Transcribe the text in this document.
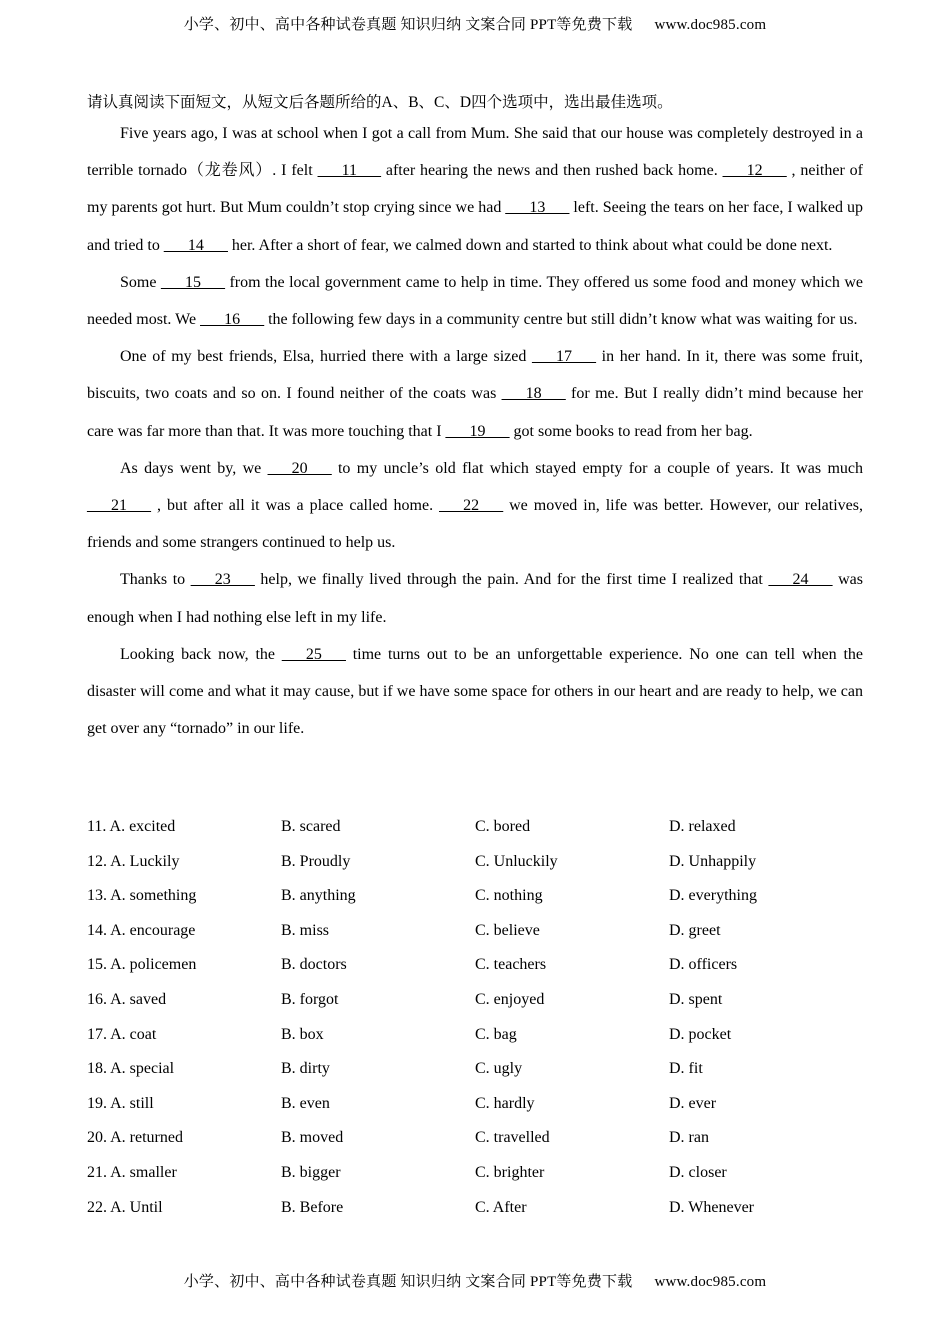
小学、初中、高中各种试卷真题 知识归纳 文案合同 PPT等免费下载 www.doc985.com
请认真阅读下面短文，从短文后各题所给的A、B、C、D四个选项中，选出最佳选项。

Five years ago, I was at school when I got a call from Mum. She said that our house was completely destroyed in a terrible tornado（龙卷风）. I felt ___11___ after hearing the news and then rushed back home. ___12___ , neither of my parents got hurt. But Mum couldn’t stop crying since we had ___13___ left. Seeing the tears on her face, I walked up and tried to ___14___ her. After a short of fear, we calmed down and started to think about what could be done next.

Some ___15___ from the local government came to help in time. They offered us some food and money which we needed most. We ___16___ the following few days in a community centre but still didn’t know what was waiting for us.

One of my best friends, Elsa, hurried there with a large sized ___17___ in her hand. In it, there was some fruit, biscuits, two coats and so on. I found neither of the coats was ___18___ for me. But I really didn’t mind because her care was far more than that. It was more touching that I ___19___ got some books to read from her bag.

As days went by, we ___20___ to my uncle’s old flat which stayed empty for a couple of years. It was much ___21___ , but after all it was a place called home. ___22___ we moved in, life was better. However, our relatives, friends and some strangers continued to help us.

Thanks to ___23___ help, we finally lived through the pain. And for the first time I realized that ___24___ was enough when I had nothing else left in my life.

Looking back now, the ___25___ time turns out to be an unforgettable experience. No one can tell when the disaster will come and what it may cause, but if we have some space for others in our heart and are ready to help, we can get over any “tornado” in our life.

11. A. excited	B. scared	C. bored	D. relaxed
12. A. Luckily	B. Proudly	C. Unluckily	D. Unhappily
13. A. something	B. anything	C. nothing	D. everything
14. A. encourage	B. miss	C. believe	D. greet
15. A. policemen	B. doctors	C. teachers	D. officers
16. A. saved	B. forgot	C. enjoyed	D. spent
17. A. coat	B. box	C. bag	D. pocket
18. A. special	B. dirty	C. ugly	D. fit
19. A. still	B. even	C. hardly	D. ever
20. A. returned	B. moved	C. travelled	D. ran
21. A. smaller	B. bigger	C. brighter	D. closer
22. A. Until	B. Before	C. After	D. Whenever
小学、初中、高中各种试卷真题 知识归纳 文案合同 PPT等免费下载 www.doc985.com
